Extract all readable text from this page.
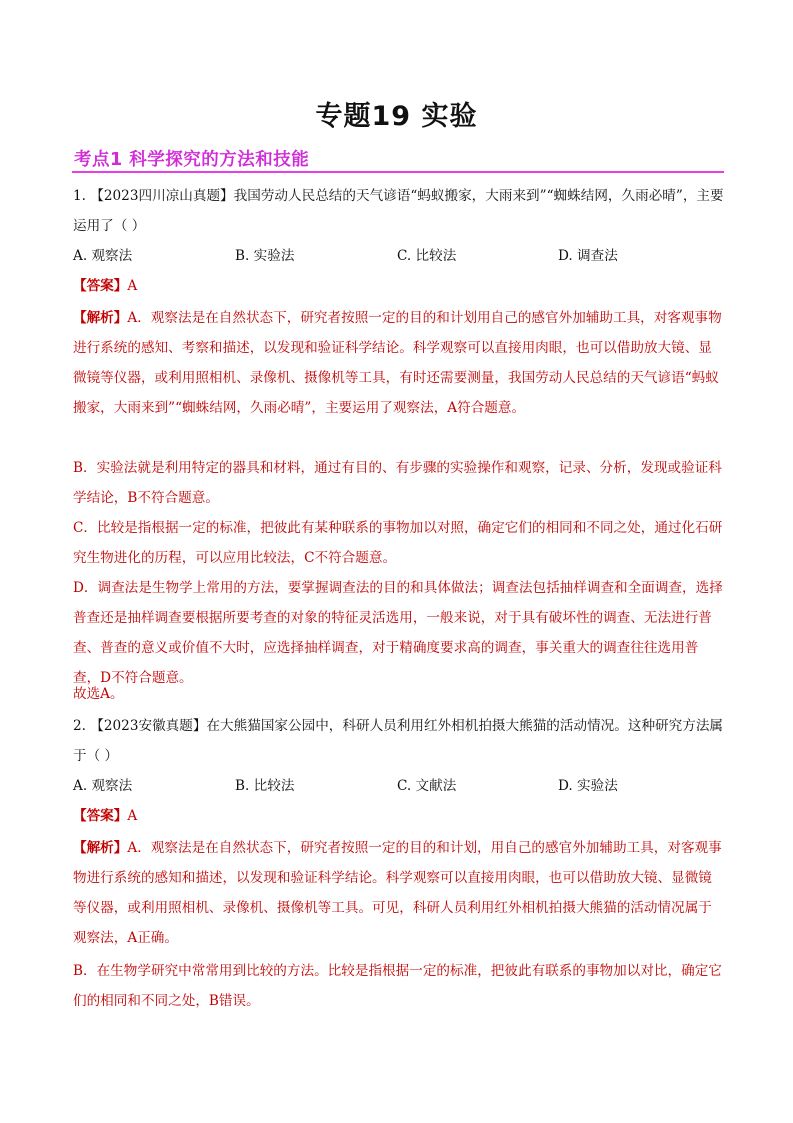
专题19 实验
考点1 科学探究的方法和技能
1. 【2023四川凉山真题】我国劳动人民总结的天气谚语“蚂蚁搬家，大雨来到”“蜘蛛结网，久雨必晴”，主要运用了（ ）
A. 观察法	B. 实验法	C. 比较法	D. 调查法
【答案】A
【解析】A．观察法是在自然状态下，研究者按照一定的目的和计划用自己的感官外加辅助工具，对客观事物进行系统的感知、考察和描述，以发现和验证科学结论。科学观察可以直接用肉眼，也可以借助放大镜、显微镜等仪器，或利用照相机、录像机、摄像机等工具，有时还需要测量，我国劳动人民总结的天气谚语“蚂蚁搬家，大雨来到”“蜘蛛结网，久雨必晴”，主要运用了观察法，A符合题意。
B．实验法就是利用特定的器具和材料，通过有目的、有步骤的实验操作和观察，记录、分析，发现或验证科学结论，B不符合题意。
C．比较是指根据一定的标准，把彼此有某种联系的事物加以对照，确定它们的相同和不同之处，通过化石研究生物进化的历程，可以应用比较法，C不符合题意。
D．调查法是生物学上常用的方法，要掌握调查法的目的和具体做法；调查法包括抽样调查和全面调查，选择普查还是抽样调查要根据所要考查的对象的特征灵活选用，一般来说，对于具有破坏性的调查、无法进行普查、普查的意义或价值不大时，应选择抽样调查，对于精确度要求高的调查，事关重大的调查往往选用普查，D不符合题意。
故选A。
2. 【2023安徽真题】在大熊猫国家公园中，科研人员利用红外相机拍摄大熊猫的活动情况。这种研究方法属于（ ）
A. 观察法	B. 比较法	C. 文献法	D. 实验法
【答案】A
【解析】A．观察法是在自然状态下，研究者按照一定的目的和计划，用自己的感官外加辅助工具，对客观事物进行系统的感知和描述，以发现和验证科学结论。科学观察可以直接用肉眼，也可以借助放大镜、显微镜等仪器，或利用照相机、录像机、摄像机等工具。可见，科研人员利用红外相机拍摄大熊猫的活动情况属于观察法，A正确。
B．在生物学研究中常常用到比较的方法。比较是指根据一定的标准，把彼此有联系的事物加以对比，确定它们的相同和不同之处，B错误。
